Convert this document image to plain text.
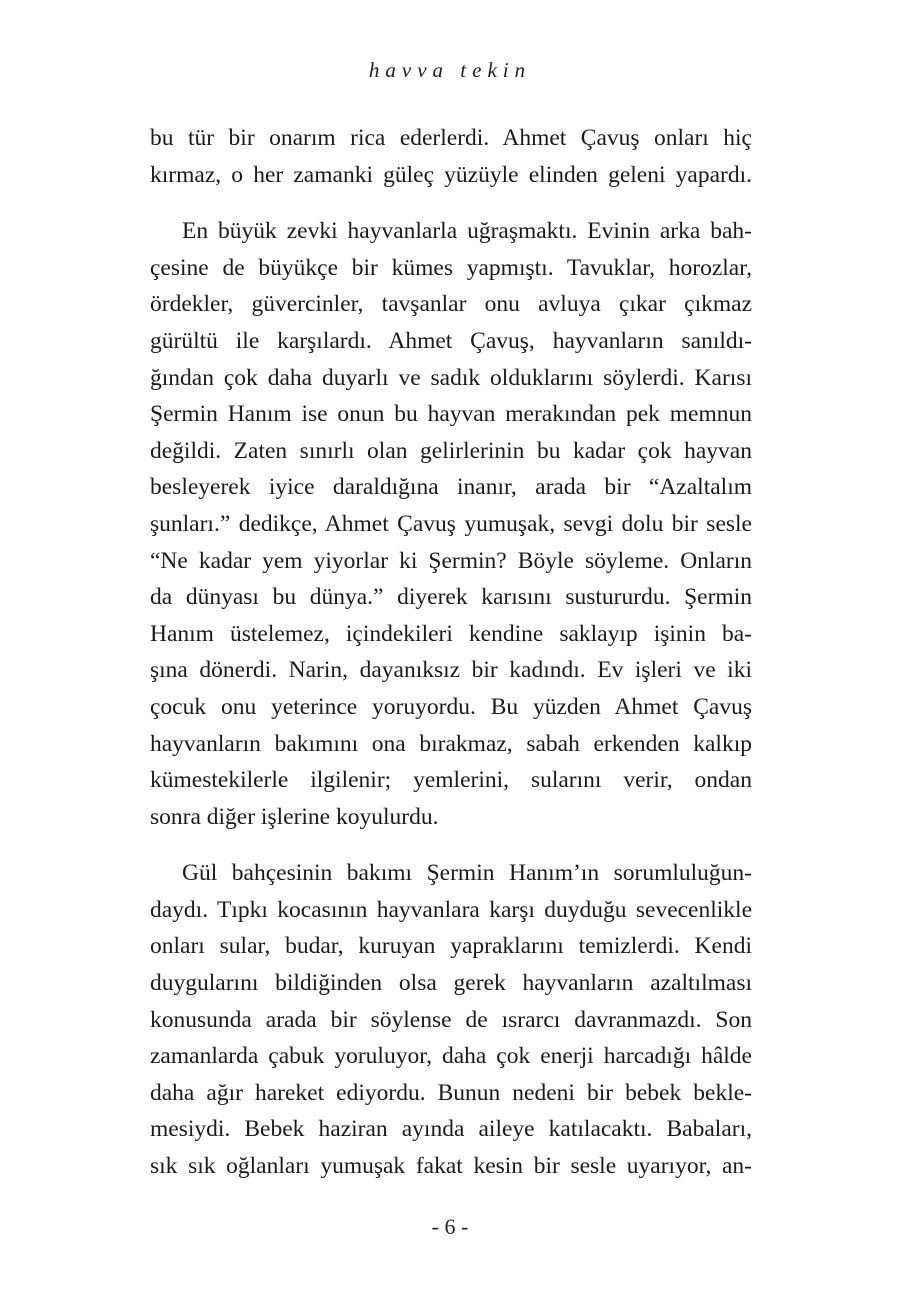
havva tekin

bu tür bir onarım rica ederlerdi. Ahmet Çavuş onları hiç
kırmaz, o her zamanki güleç yüzüyle elinden geleni yapardı.

En büyük zevki hayvanlarla uğraşmaktı. Evinin arka bah-
çesine de büyükçe bir kümes yapmıştı. Tavuklar, horozlar,
ördekler, güvercinler, tavşanlar onu avluya çıkar çıkmaz
gürültü ile karşılardı. Ahmet Çavuş, hayvanların sanıldı-
ğından çok daha duyarlı ve sadık olduklarını söylerdi. Karısı
Şermin Hanım ise onun bu hayvan merakından pek memnun
değildi. Zaten sınırlı olan gelirlerinin bu kadar çok hayvan
besleyerek iyice daraldığına inanır, arada bir “Azaltalım
şunları.” dedikçe, Ahmet Çavuş yumuşak, sevgi dolu bir sesle
“Ne kadar yem yiyorlar ki Şermin? Böyle söyleme. Onların
da dünyası bu dünya.” diyerek karısını sustururdu. Şermin
Hanım üstelemez, içindekileri kendine saklayıp işinin ba-
şına dönerdi. Narin, dayanıksız bir kadındı. Ev işleri ve iki
çocuk onu yeterince yoruyordu. Bu yüzden Ahmet Çavuş
hayvanların bakımını ona bırakmaz, sabah erkenden kalkıp
kümestekilerle ilgilenir; yemlerini, sularını verir, ondan
sonra diğer işlerine koyulurdu.

Gül bahçesinin bakımı Şermin Hanım’ın sorumluluğun-
daydı. Tıpkı kocasının hayvanlara karşı duyduğu sevecenlikle
onları sular, budar, kuruyan yapraklarını temizlerdi. Kendi
duygularını bildiğinden olsa gerek hayvanların azaltılması
konusunda arada bir söylense de ısrarcı davranmazdı. Son
zamanlarda çabuk yoruluyor, daha çok enerji harcadığı hâlde
daha ağır hareket ediyordu. Bunun nedeni bir bebek bekle-
mesiydi. Bebek haziran ayında aileye katılacaktı. Babaları,
sık sık oğlanları yumuşak fakat kesin bir sesle uyarıyor, an-

- 6 -
